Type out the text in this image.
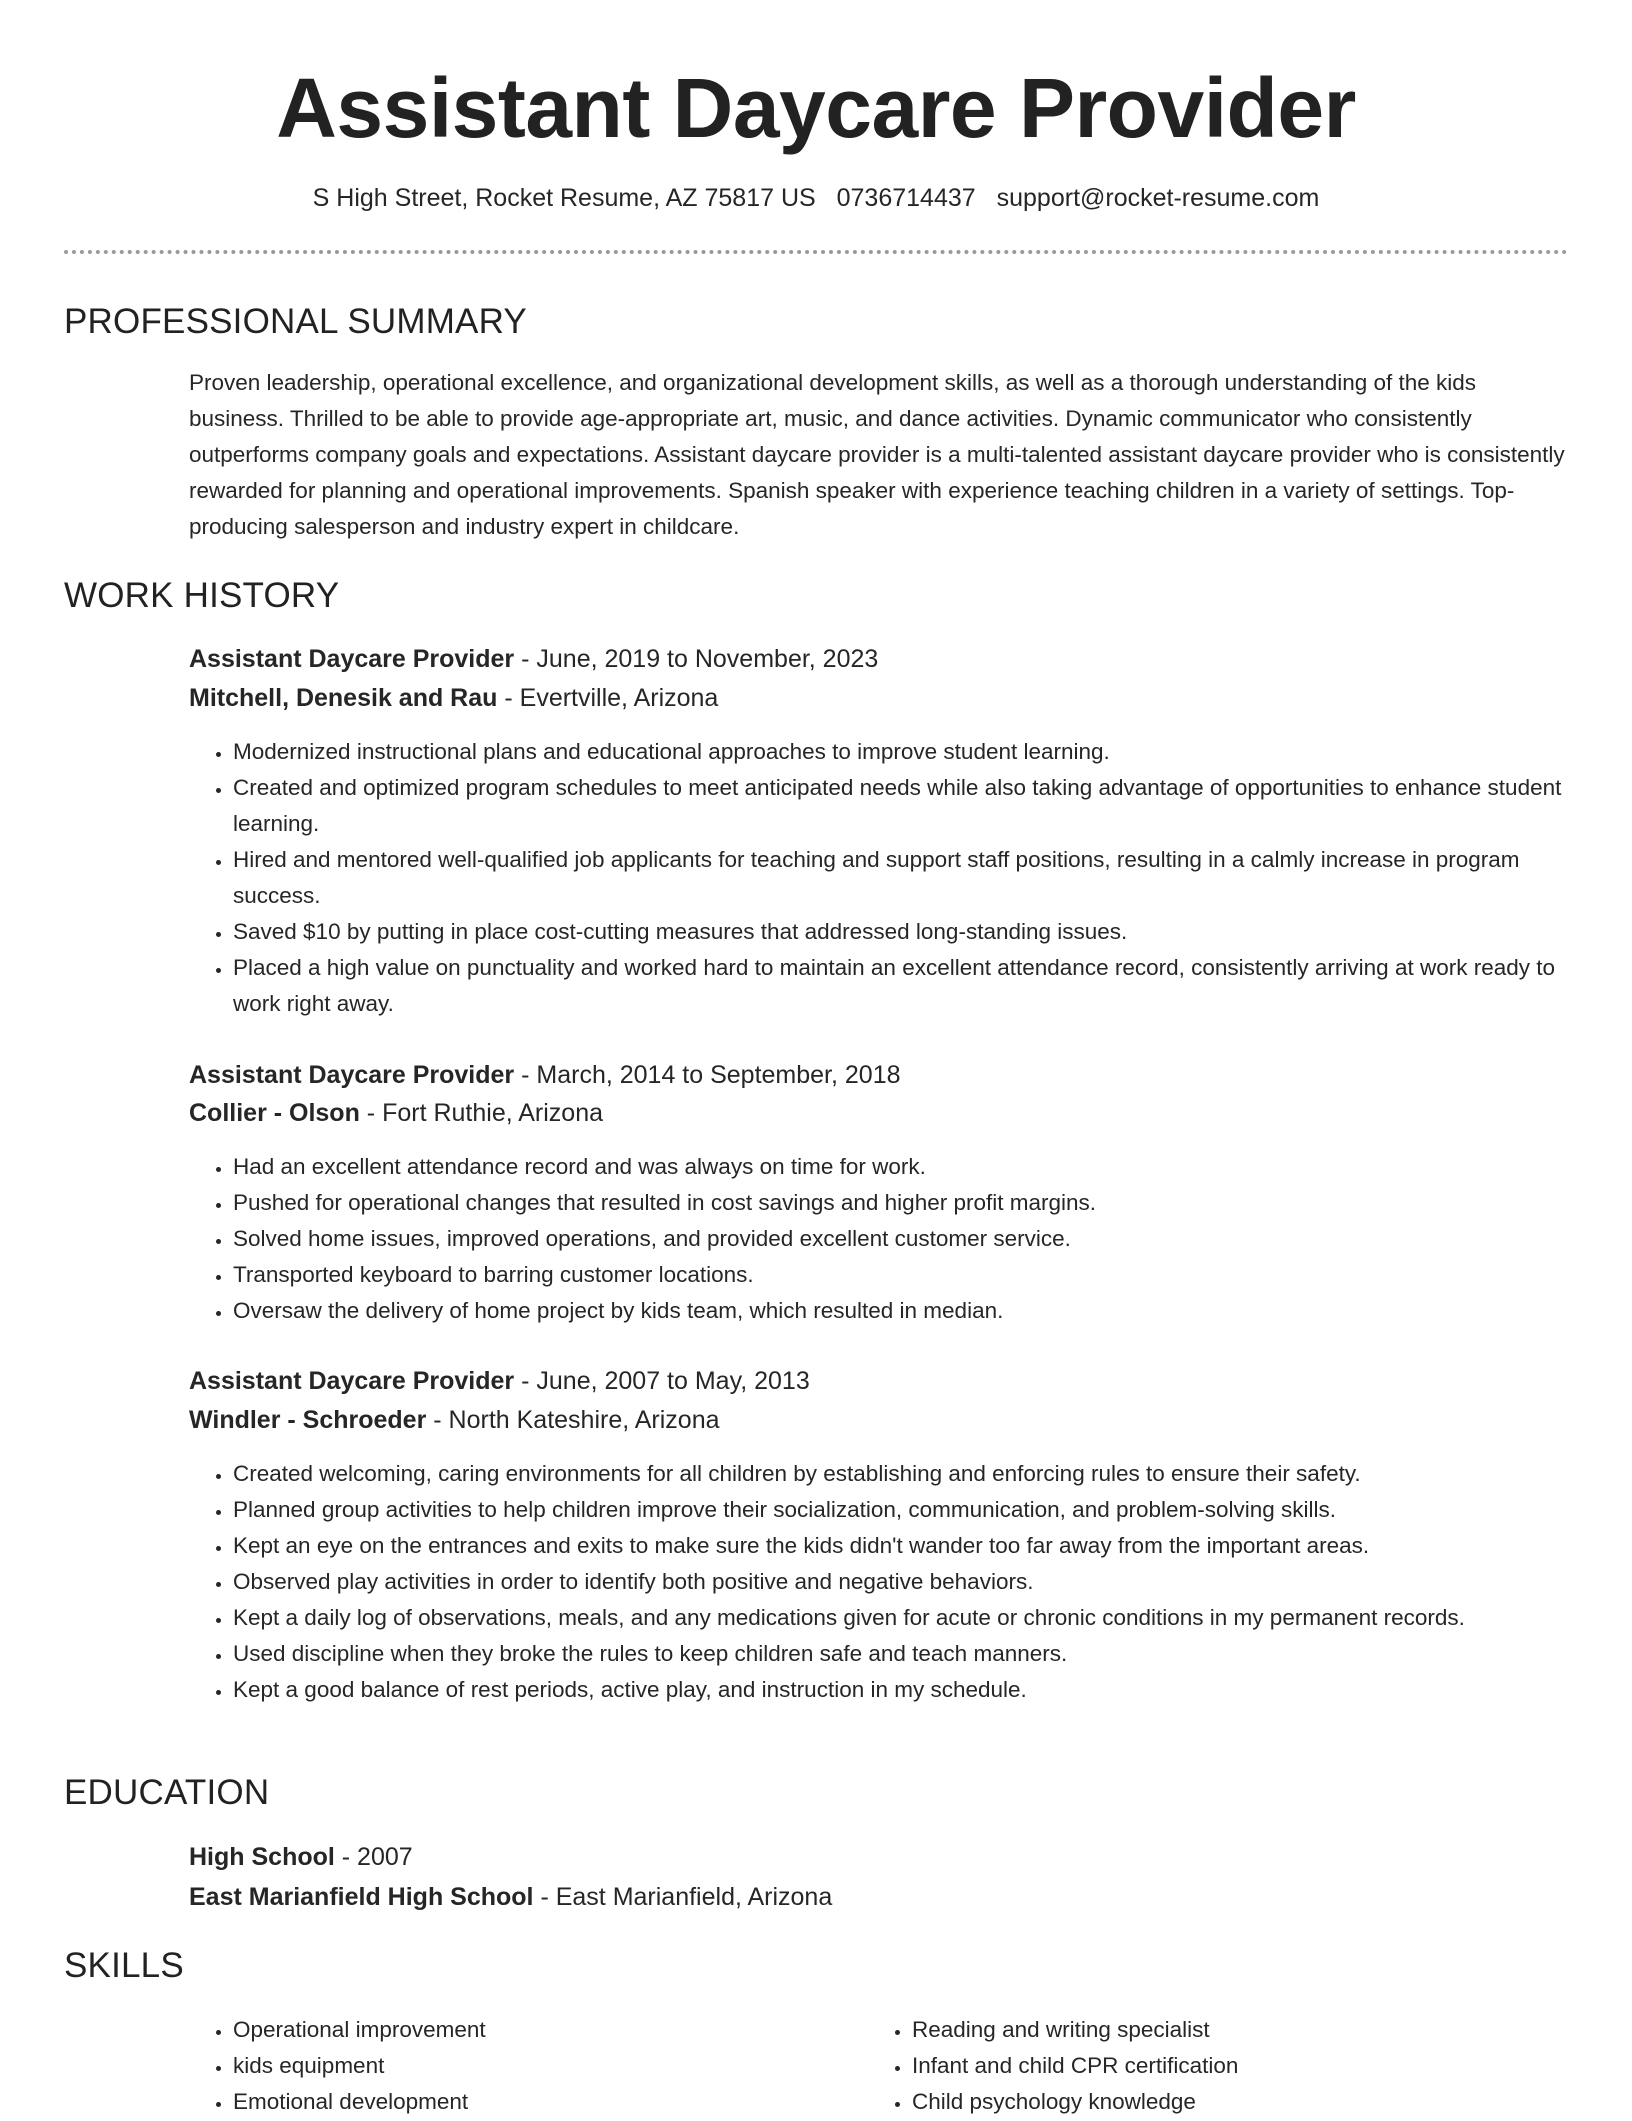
Assistant Daycare Provider
S High Street, Rocket Resume, AZ 75817 US 0736714437 support@rocket-resume.com
PROFESSIONAL SUMMARY

Proven leadership, operational excellence, and organizational development skills, as well as a thorough understanding of the kids business. Thrilled to be able to provide age-appropriate art, music, and dance activities. Dynamic communicator who consistently outperforms company goals and expectations. Assistant daycare provider is a multi-talented assistant daycare provider who is consistently rewarded for planning and operational improvements. Spanish speaker with experience teaching children in a variety of settings. Top-producing salesperson and industry expert in childcare.

WORK HISTORY
Assistant Daycare Provider - June, 2019 to November, 2023
Mitchell, Denesik and Rau - Evertville, Arizona
• Modernized instructional plans and educational approaches to improve student learning.
• Created and optimized program schedules to meet anticipated needs while also taking advantage of opportunities to enhance student learning.
• Hired and mentored well-qualified job applicants for teaching and support staff positions, resulting in a calmly increase in program success.
• Saved $10 by putting in place cost-cutting measures that addressed long-standing issues.
• Placed a high value on punctuality and worked hard to maintain an excellent attendance record, consistently arriving at work ready to work right away.
Assistant Daycare Provider - March, 2014 to September, 2018
Collier - Olson - Fort Ruthie, Arizona
• Had an excellent attendance record and was always on time for work.
• Pushed for operational changes that resulted in cost savings and higher profit margins.
• Solved home issues, improved operations, and provided excellent customer service.
• Transported keyboard to barring customer locations.
• Oversaw the delivery of home project by kids team, which resulted in median.
Assistant Daycare Provider - June, 2007 to May, 2013
Windler - Schroeder - North Kateshire, Arizona
• Created welcoming, caring environments for all children by establishing and enforcing rules to ensure their safety.
• Planned group activities to help children improve their socialization, communication, and problem-solving skills.
• Kept an eye on the entrances and exits to make sure the kids didn't wander too far away from the important areas.
• Observed play activities in order to identify both positive and negative behaviors.
• Kept a daily log of observations, meals, and any medications given for acute or chronic conditions in my permanent records.
• Used discipline when they broke the rules to keep children safe and teach manners.
• Kept a good balance of rest periods, active play, and instruction in my schedule.
EDUCATION
High School - 2007
East Marianfield High School - East Marianfield, Arizona
SKILLS
• Operational improvement
• kids equipment
• Emotional development
• Reading and writing specialist
• Infant and child CPR certification
• Child psychology knowledge
